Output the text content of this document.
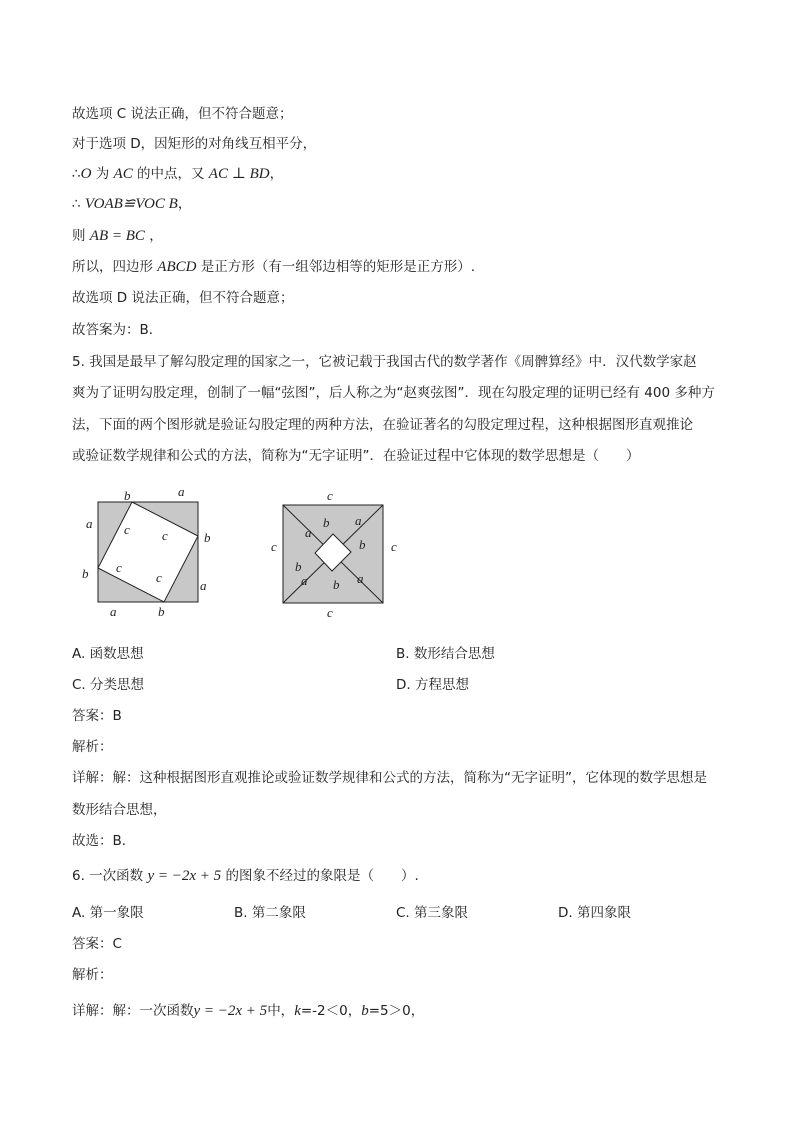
故选项 C 说法正确，但不符合题意；
对于选项 D，因矩形的对角线互相平分，
∴O 为 AC 的中点，又 AC ⊥ BD，
∴ VOAB≌VOC B，
则 AB = BC ，
所以，四边形 ABCD 是正方形（有一组邻边相等的矩形是正方形）.
故选项 D 说法正确，但不符合题意；
故答案为：B．
5. 我国是最早了解勾股定理的国家之一，它被记载于我国古代的数学著作《周髀算经》中．汉代数学家赵
爽为了证明勾股定理，创制了一幅“弦图”，后人称之为“赵爽弦图”．现在勾股定理的证明已经有 400 多种方
法，下面的两个图形就是验证勾股定理的两种方法，在验证著名的勾股定理过程，这种根据图形直观推论
或验证数学规律和公式的方法，简称为“无字证明”．在验证过程中它体现的数学思想是（　　）
b	a
a
b
b
a
a	b
c c
c
c
c
c	c
c
b a
a
b
b
a b a
A. 函数思想	B. 数形结合思想
C. 分类思想	D. 方程思想
答案：B
解析：
详解：解：这种根据图形直观推论或验证数学规律和公式的方法，简称为“无字证明”，它体现的数学思想是
数形结合思想，
故选：B．
6. 一次函数 y = −2x + 5 的图象不经过的象限是（　　）.
A. 第一象限	B. 第二象限	C. 第三象限	D. 第四象限
答案：C
解析：
详解：解：一次函数y = −2x + 5中，k=-2＜0，b=5＞0，
